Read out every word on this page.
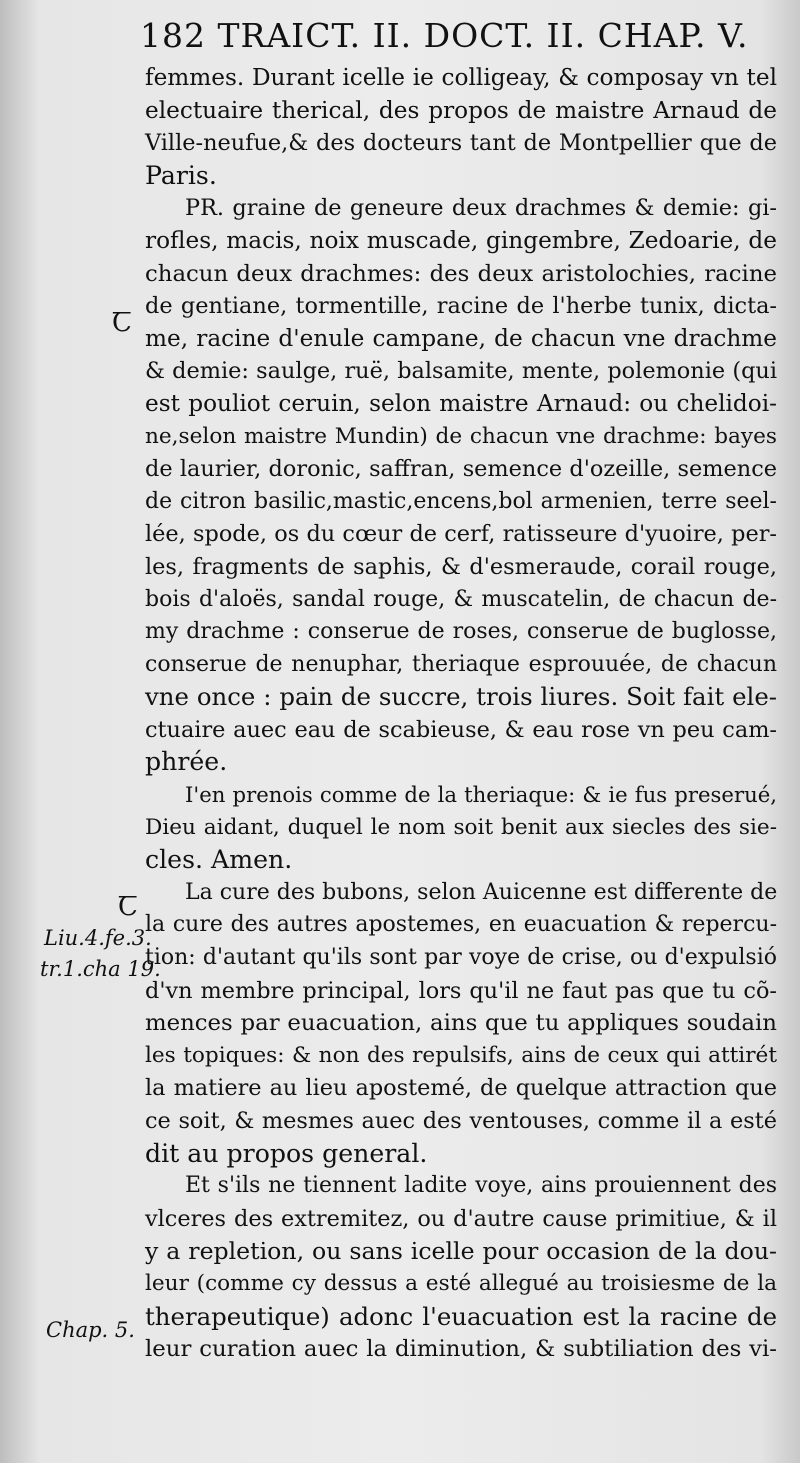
182 TRAICT. II. DOCT. II. CHAP. V.
Ꞇ
Ꞇ
Liu.4.fe.3.
tr.1.cha 19.
Chap. 5.
femmes. Durant icelle ie colligeay, & composay vn tel
electuaire therical, des propos de maistre Arnaud de
Ville-neufue,& des docteurs tant de Montpellier que de
Paris.
PR. graine de geneure deux drachmes & demie: gi-
rofles, macis, noix muscade, gingembre, Zedoarie, de
chacun deux drachmes: des deux aristolochies, racine
de gentiane, tormentille, racine de l'herbe tunix, dicta-
me, racine d'enule campane, de chacun vne drachme
& demie: saulge, ruë, balsamite, mente, polemonie (qui
est pouliot ceruin, selon maistre Arnaud: ou chelidoi-
ne,selon maistre Mundin) de chacun vne drachme: bayes
de laurier, doronic, saffran, semence d'ozeille, semence
de citron basilic,mastic,encens,bol armenien, terre seel-
lée, spode, os du cœur de cerf, ratisseure d'yuoire, per-
les, fragments de saphis, & d'esmeraude, corail rouge,
bois d'aloës, sandal rouge, & muscatelin, de chacun de-
my drachme : conserue de roses, conserue de buglosse,
conserue de nenuphar, theriaque esprouuée, de chacun
vne once : pain de succre, trois liures. Soit fait ele-
ctuaire auec eau de scabieuse, & eau rose vn peu cam-
phrée.
I'en prenois comme de la theriaque: & ie fus preserué,
Dieu aidant, duquel le nom soit benit aux siecles des sie-
cles. Amen.
La cure des bubons, selon Auicenne est differente de
la cure des autres apostemes, en euacuation & repercu-
tion: d'autant qu'ils sont par voye de crise, ou d'expulsió
d'vn membre principal, lors qu'il ne faut pas que tu cõ-
mences par euacuation, ains que tu appliques soudain
les topiques: & non des repulsifs, ains de ceux qui attirét
la matiere au lieu apostemé, de quelque attraction que
ce soit, & mesmes auec des ventouses, comme il a esté
dit au propos general.
Et s'ils ne tiennent ladite voye, ains prouiennent des
vlceres des extremitez, ou d'autre cause primitiue, & il
y a repletion, ou sans icelle pour occasion de la dou-
leur (comme cy dessus a esté allegué au troisiesme de la
therapeutique) adonc l'euacuation est la racine de
leur curation auec la diminution, & subtiliation des vi-
